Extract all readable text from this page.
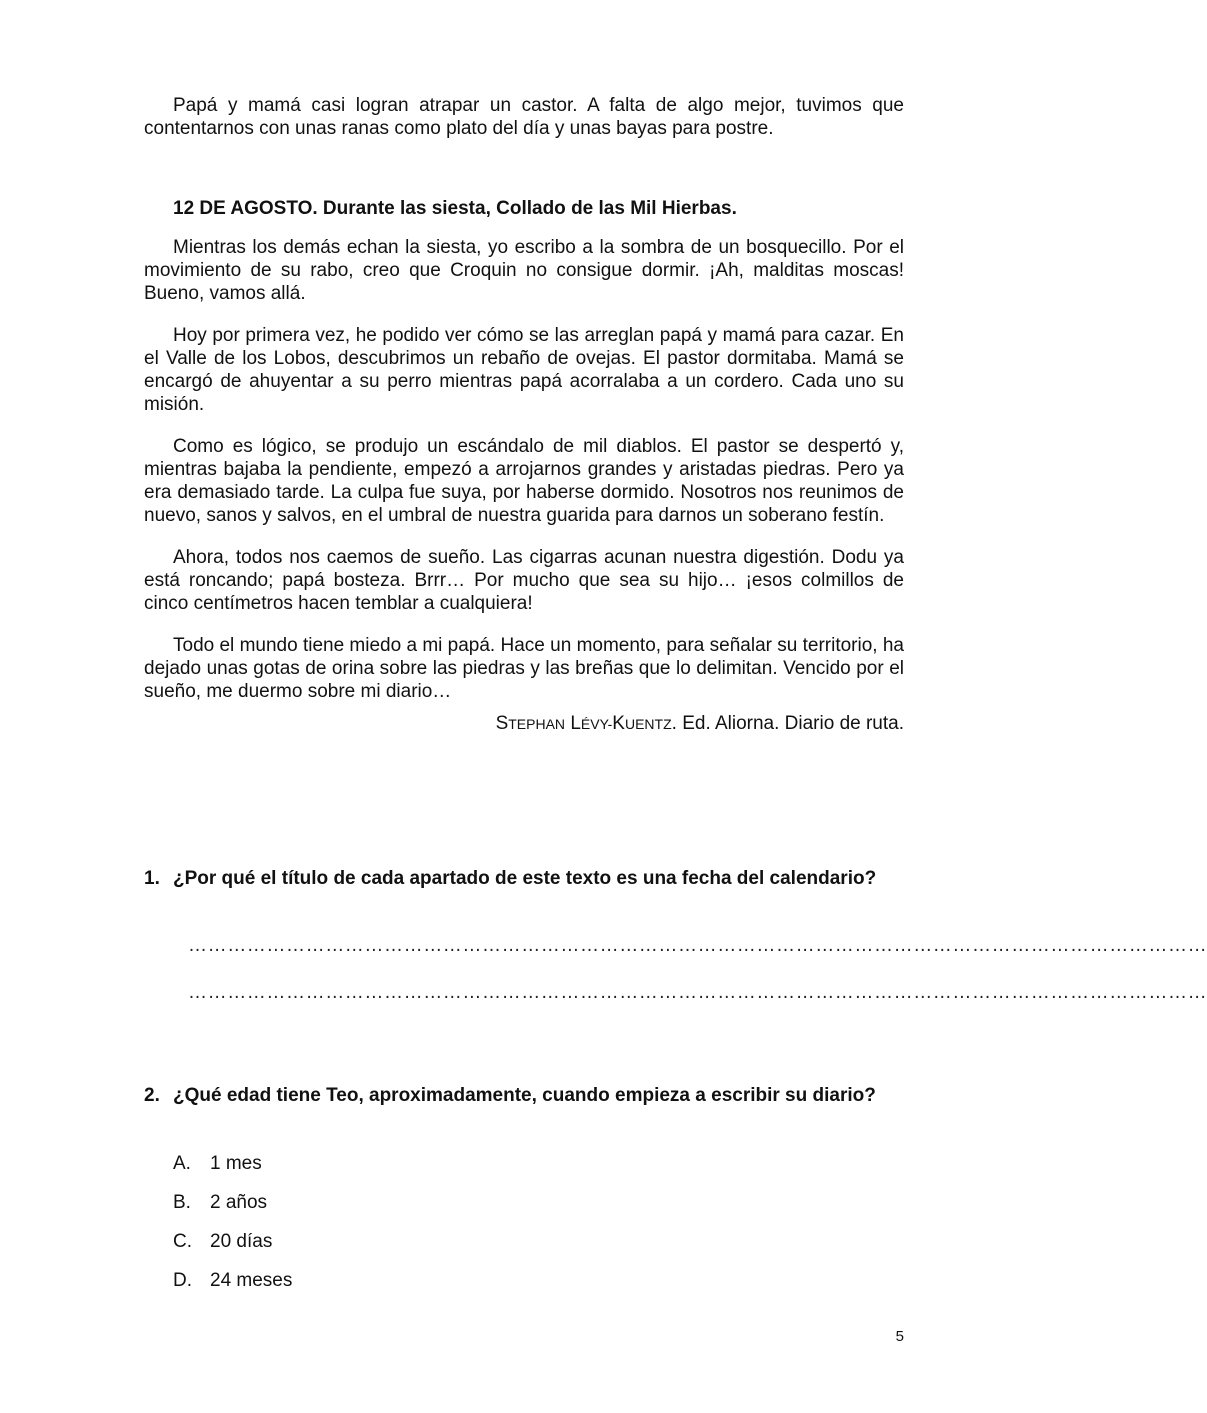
Papá y mamá casi logran atrapar un castor. A falta de algo mejor, tuvimos que contentarnos con unas ranas como plato del día y unas bayas para postre.

12 DE AGOSTO. Durante las siesta, Collado de las Mil Hierbas.

Mientras los demás echan la siesta, yo escribo a la sombra de un bosquecillo. Por el movimiento de su rabo, creo que Croquin no consigue dormir. ¡Ah, malditas moscas! Bueno, vamos allá.

Hoy por primera vez, he podido ver cómo se las arreglan papá y mamá para cazar. En el Valle de los Lobos, descubrimos un rebaño de ovejas. El pastor dormitaba. Mamá se encargó de ahuyentar a su perro mientras papá acorralaba a un cordero. Cada uno su misión.

Como es lógico, se produjo un escándalo de mil diablos. El pastor se despertó y, mientras bajaba la pendiente, empezó a arrojarnos grandes y aristadas piedras. Pero ya era demasiado tarde. La culpa fue suya, por haberse dormido. Nosotros nos reunimos de nuevo, sanos y salvos, en el umbral de nuestra guarida para darnos un soberano festín.

Ahora, todos nos caemos de sueño. Las cigarras acunan nuestra digestión. Dodu ya está roncando; papá bosteza. Brrr… Por mucho que sea su hijo… ¡esos colmillos de cinco centímetros hacen temblar a cualquiera!

Todo el mundo tiene miedo a mi papá. Hace un momento, para señalar su territorio, ha dejado unas gotas de orina sobre las piedras y las breñas que lo delimitan. Vencido por el sueño, me duermo sobre mi diario…

STEPHAN LÉVY-KUENTZ. Ed. Aliorna. Diario de ruta.

1. ¿Por qué el título de cada apartado de este texto es una fecha del calendario?
…………………………………………………………………………………………………………………………………………
…………………………………………………………………………………………………………………………………………
2. ¿Qué edad tiene Teo, aproximadamente, cuando empieza a escribir su diario?
A.	1 mes
B.	2 años
C. 20 días
D. 24 meses
5
